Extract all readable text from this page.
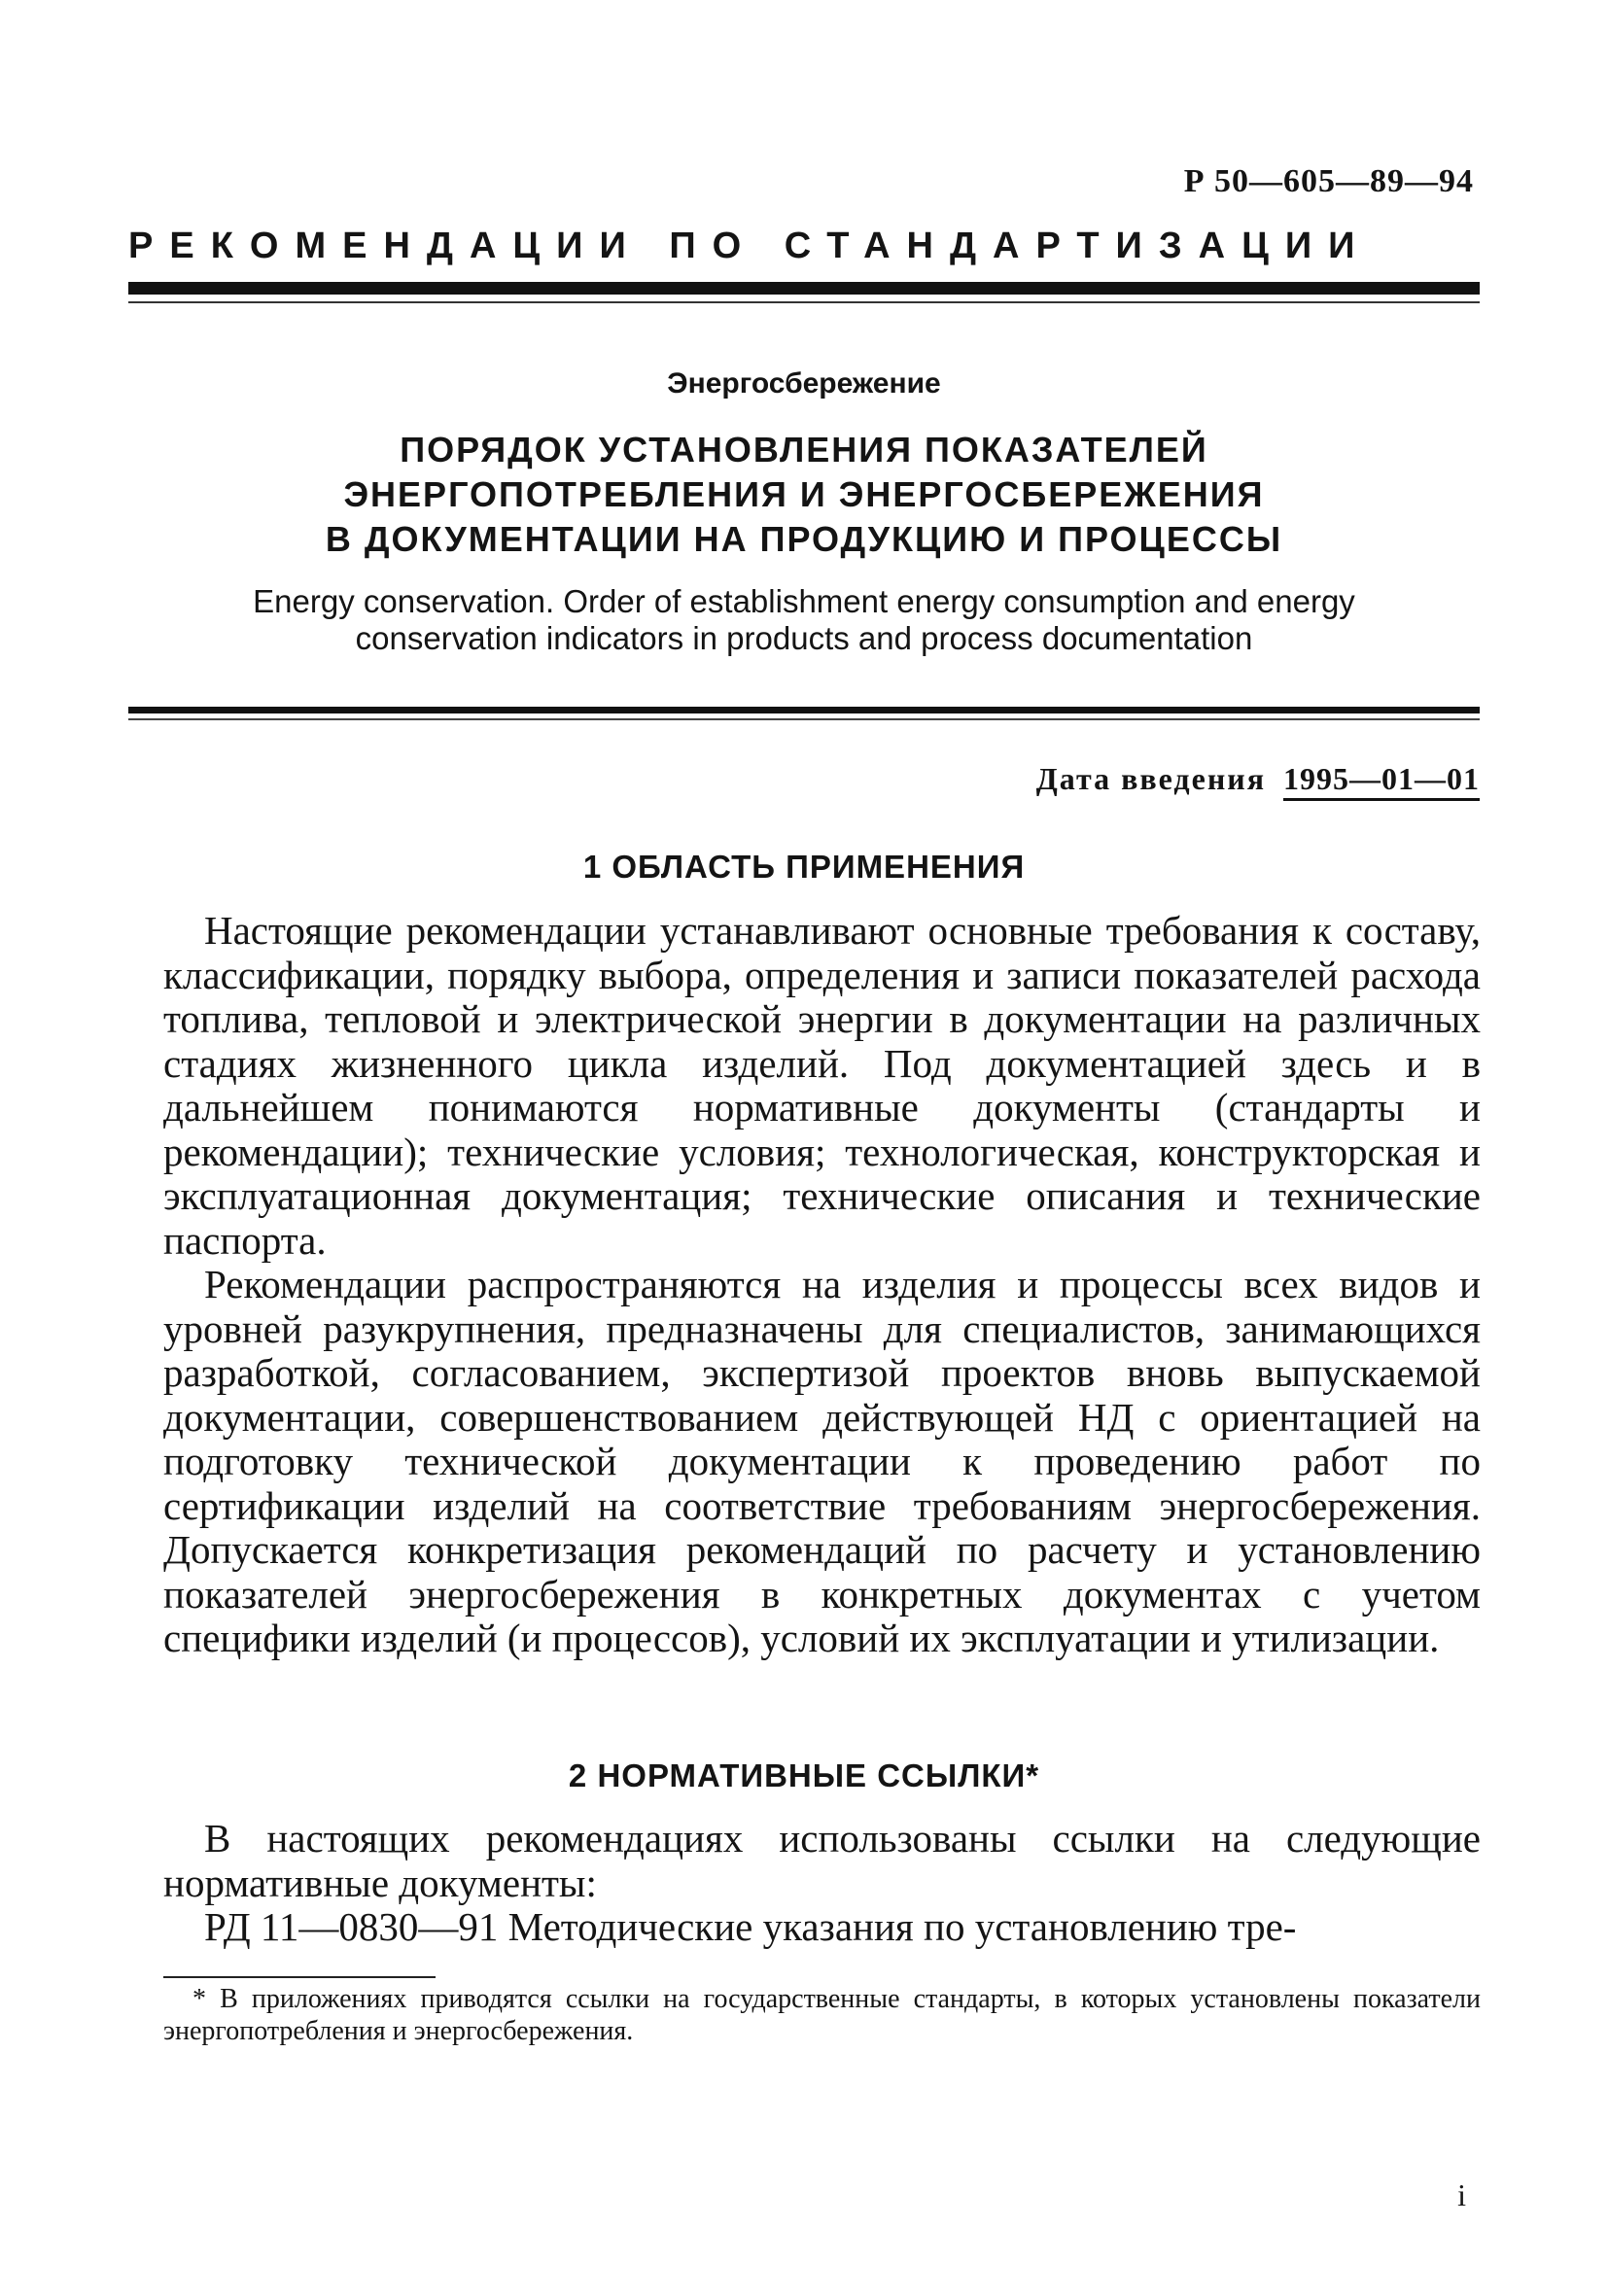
Р 50—605—89—94
РЕКОМЕНДАЦИИ ПО СТАНДАРТИЗАЦИИ
Энергосбережение
ПОРЯДОК УСТАНОВЛЕНИЯ ПОКАЗАТЕЛЕЙ
ЭНЕРГОПОТРЕБЛЕНИЯ И ЭНЕРГОСБЕРЕЖЕНИЯ
В ДОКУМЕНТАЦИИ НА ПРОДУКЦИЮ И ПРОЦЕССЫ
Energy conservation. Order of establishment energy consumption and energy
conservation indicators in products and process documentation
Дата введения 1995—01—01
1 ОБЛАСТЬ ПРИМЕНЕНИЯ

Настоящие рекомендации устанавливают основные требования к составу, классификации, порядку выбора, определения и записи показателей расхода топлива, тепловой и электрической энергии в документации на различных стадиях жизненного цикла изделий. Под документацией здесь и в дальнейшем понимаются нормативные документы (стандарты и рекомендации); технические условия; технологическая, конструкторская и эксплуатационная документация; технические описания и технические паспорта.

Рекомендации распространяются на изделия и процессы всех видов и уровней разукрупнения, предназначены для специалистов, занимающихся разработкой, согласованием, экспертизой проектов вновь выпускаемой документации, совершенствованием действующей НД с ориентацией на подготовку технической документации к проведению работ по сертификации изделий на соответствие требованиям энергосбережения. Допускается конкретизация рекомендаций по расчету и установлению показателей энергосбережения в конкретных документах с учетом специфики изделий (и процессов), условий их эксплуатации и утилизации.

2 НОРМАТИВНЫЕ ССЫЛКИ*

В настоящих рекомендациях использованы ссылки на следующие нормативные документы:

РД 11—0830—91 Методические указания по установлению тре-

* В приложениях приводятся ссылки на государственные стандарты, в которых установлены показатели энергопотребления и энергосбережения.
i
